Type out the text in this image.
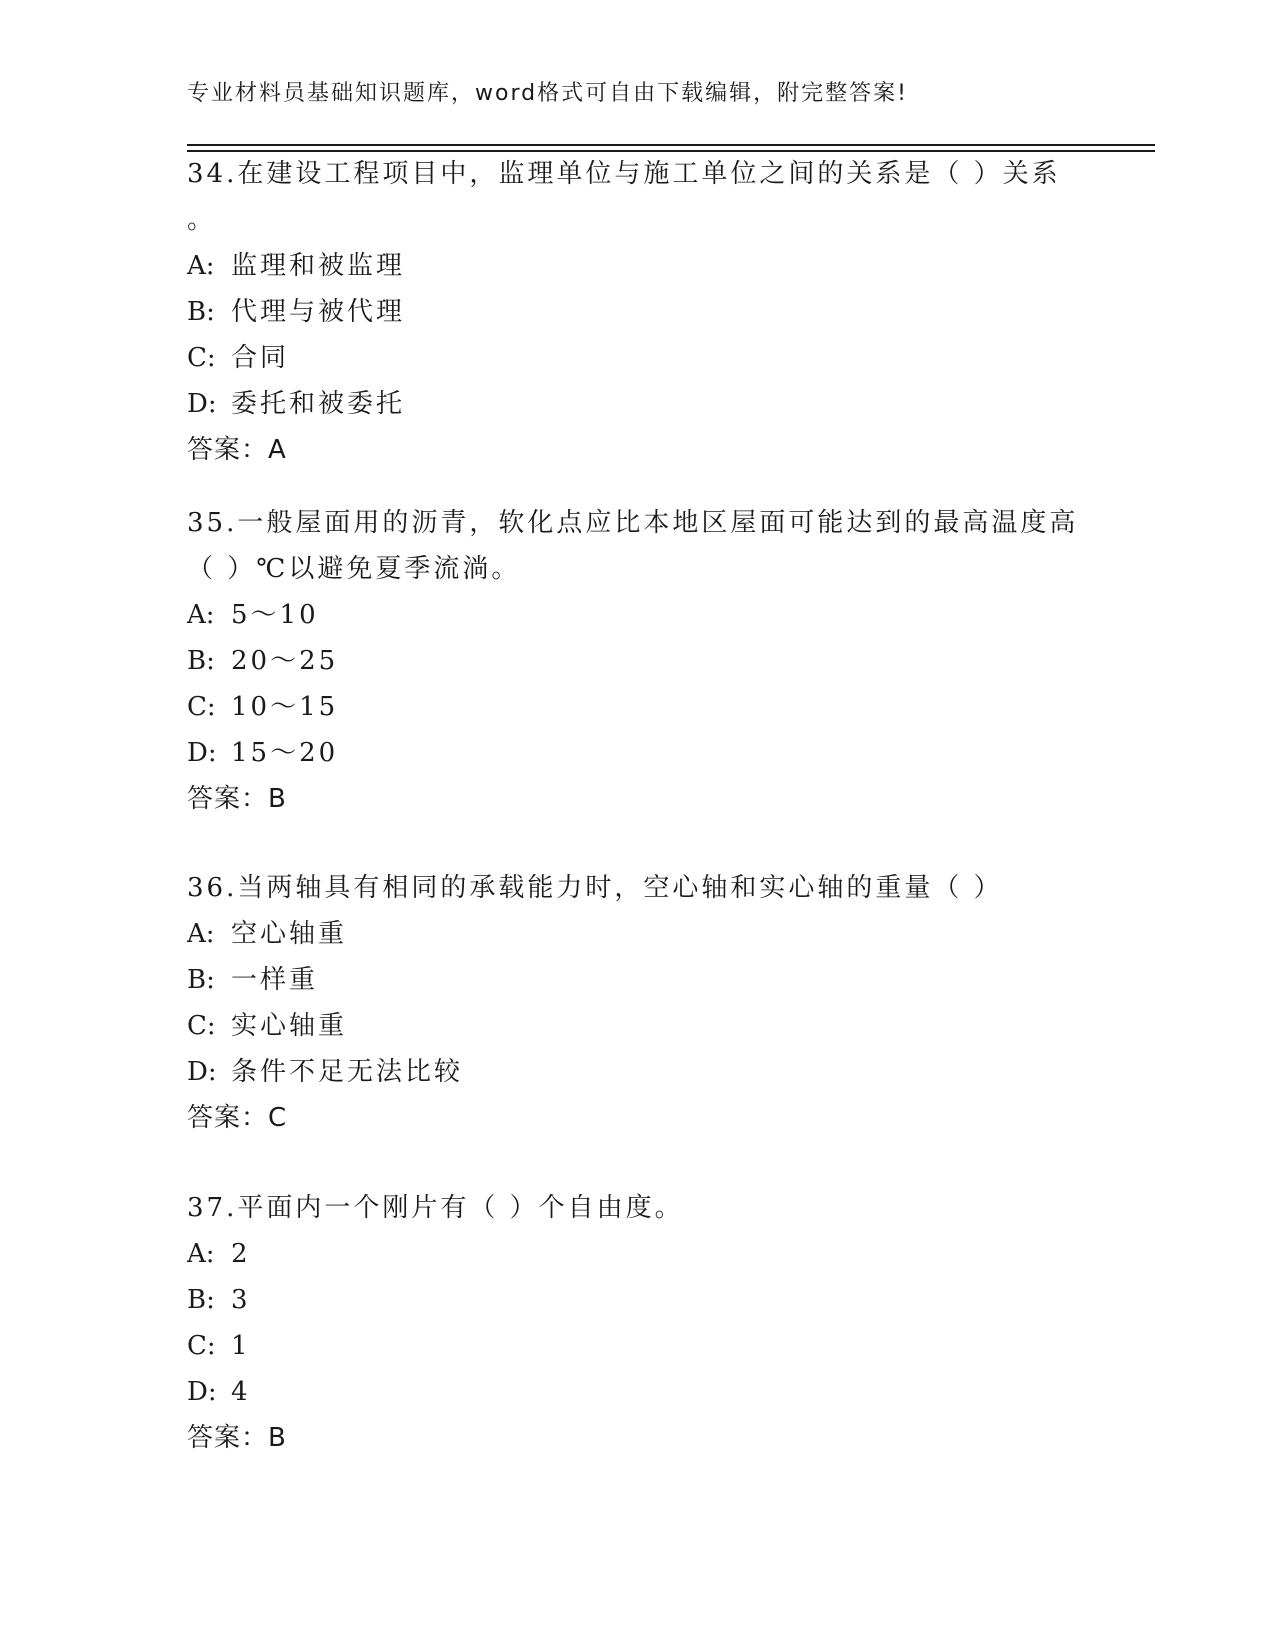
专业材料员基础知识题库，word格式可自由下载编辑，附完整答案!
34.在建设工程项目中，监理单位与施工单位之间的关系是（ ）关系
。
A: 监理和被监理
B: 代理与被代理
C: 合同
D: 委托和被委托
答案：A
35.一般屋面用的沥青，软化点应比本地区屋面可能达到的最高温度高
（ ）℃以避免夏季流淌。
A: 5～10
B: 20～25
C: 10～15
D: 15～20
答案：B
36.当两轴具有相同的承载能力时，空心轴和实心轴的重量（ ）
A: 空心轴重
B: 一样重
C: 实心轴重
D: 条件不足无法比较
答案：C
37.平面内一个刚片有（ ）个自由度。
A: 2
B: 3
C: 1
D: 4
答案：B
